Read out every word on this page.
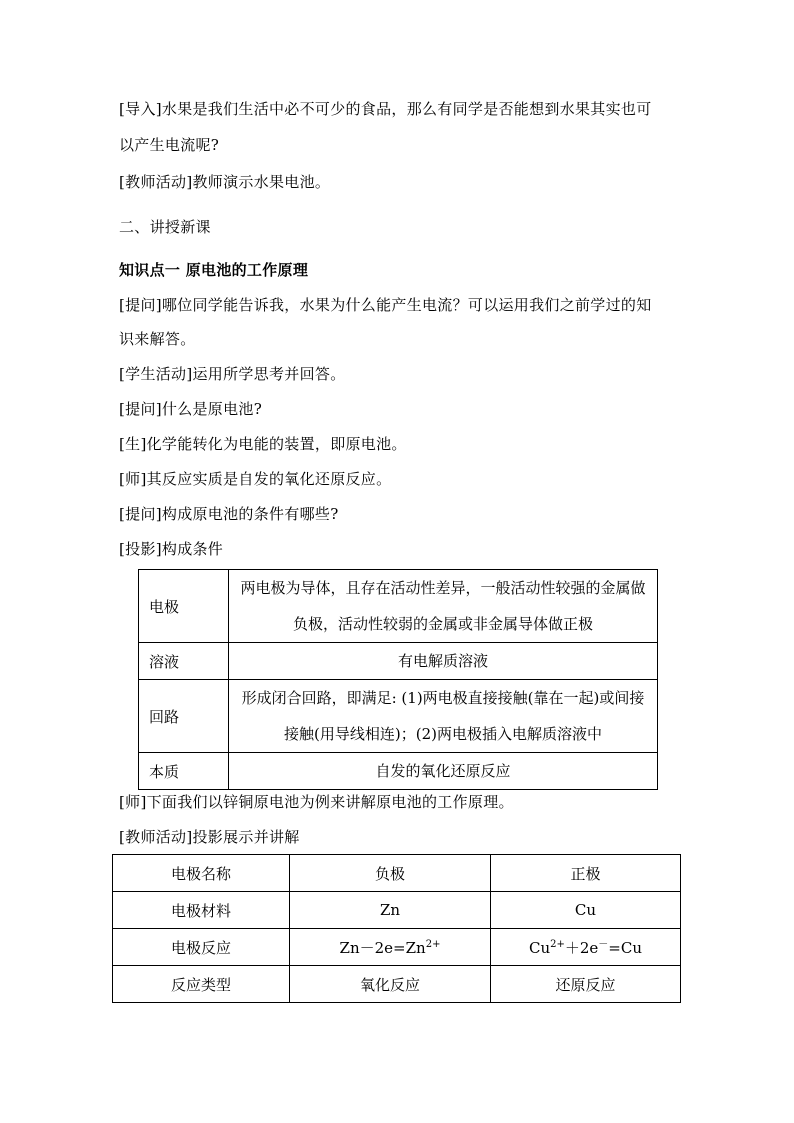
[导入]水果是我们生活中必不可少的食品，那么有同学是否能想到水果其实也可
以产生电流呢?
[教师活动]教师演示水果电池。
二、讲授新课
知识点一 原电池的工作原理
[提问]哪位同学能告诉我，水果为什么能产生电流？可以运用我们之前学过的知
识来解答。
[学生活动]运用所学思考并回答。
[提问]什么是原电池?
[生]化学能转化为电能的装置，即原电池。
[师]其反应实质是自发的氧化还原反应。
[提问]构成原电池的条件有哪些?
[投影]构成条件
电极	两电极为导体，且存在活动性差异，一般活动性较强的金属做
负极，活动性较弱的金属或非金属导体做正极

溶液	有电解质溶液
回路	形成闭合回路，即满足: (1)两电极直接接触(靠在一起)或间接
接触(用导线相连)；(2)两电极插入电解质溶液中

本质	自发的氧化还原反应
[师]下面我们以锌铜原电池为例来讲解原电池的工作原理。
[教师活动]投影展示并讲解
电极名称	负极	正极
电极材料	Zn	Cu
电极反应	$Zn-2e=Zn^{2+}$	$Cu^{2+}+2e^-=Cu$
反应类型	氧化反应	还原反应
